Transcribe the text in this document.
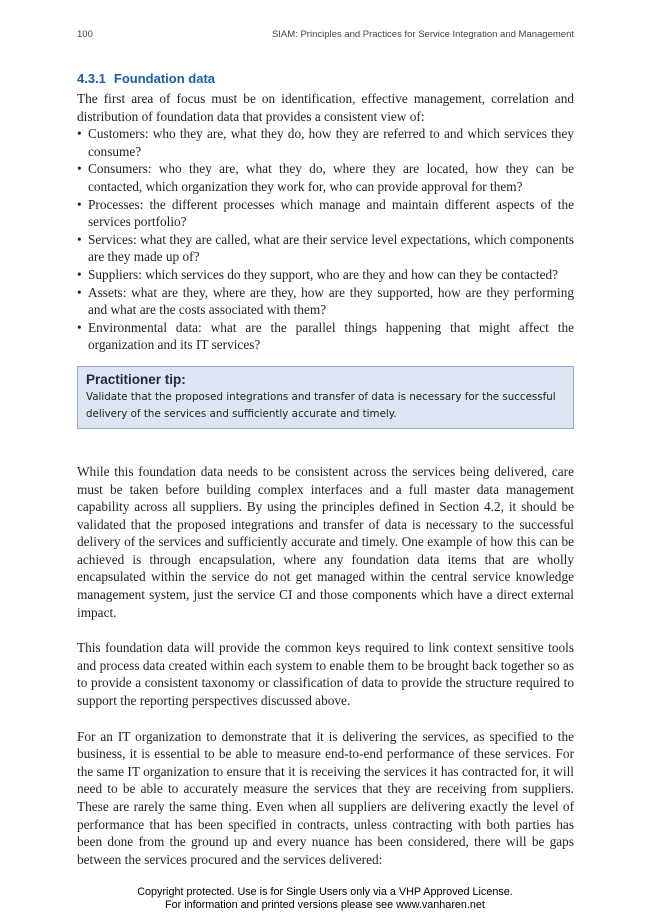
100	SIAM: Principles and Practices for Service Integration and Management
4.3.1 Foundation data

The first area of focus must be on identification, effective management, correlation and distribution of foundation data that provides a consistent view of:

• Customers: who they are, what they do, how they are referred to and which services they consume?
• Consumers: who they are, what they do, where they are located, how they can be contacted, which organization they work for, who can provide approval for them?
• Processes: the different processes which manage and maintain different aspects of the services portfolio?
• Services: what they are called, what are their service level expectations, which components are they made up of?
• Suppliers: which services do they support, who are they and how can they be contacted?
• Assets: what are they, where are they, how are they supported, how are they performing and what are the costs associated with them?
• Environmental data: what are the parallel things happening that might affect the organization and its IT services?
Practitioner tip:
Validate that the proposed integrations and transfer of data is necessary for the successful delivery of the services and sufficiently accurate and timely.

While this foundation data needs to be consistent across the services being delivered, care must be taken before building complex interfaces and a full master data management capability across all suppliers. By using the principles defined in Section 4.2, it should be validated that the proposed integrations and transfer of data is necessary to the successful delivery of the services and sufficiently accurate and timely. One example of how this can be achieved is through encapsulation, where any foundation data items that are wholly encapsulated within the service do not get managed within the central service knowledge management system, just the service CI and those components which have a direct external impact.

This foundation data will provide the common keys required to link context sensitive tools and process data created within each system to enable them to be brought back together so as to provide a consistent taxonomy or classification of data to provide the structure required to support the reporting perspectives discussed above.

For an IT organization to demonstrate that it is delivering the services, as specified to the business, it is essential to be able to measure end-to-end performance of these services. For the same IT organization to ensure that it is receiving the services it has contracted for, it will need to be able to accurately measure the services that they are receiving from suppliers. These are rarely the same thing. Even when all suppliers are delivering exactly the level of performance that has been specified in contracts, unless contracting with both parties has been done from the ground up and every nuance has been considered, there will be gaps between the services procured and the services delivered:

Copyright protected. Use is for Single Users only via a VHP Approved License.
For information and printed versions please see www.vanharen.net
